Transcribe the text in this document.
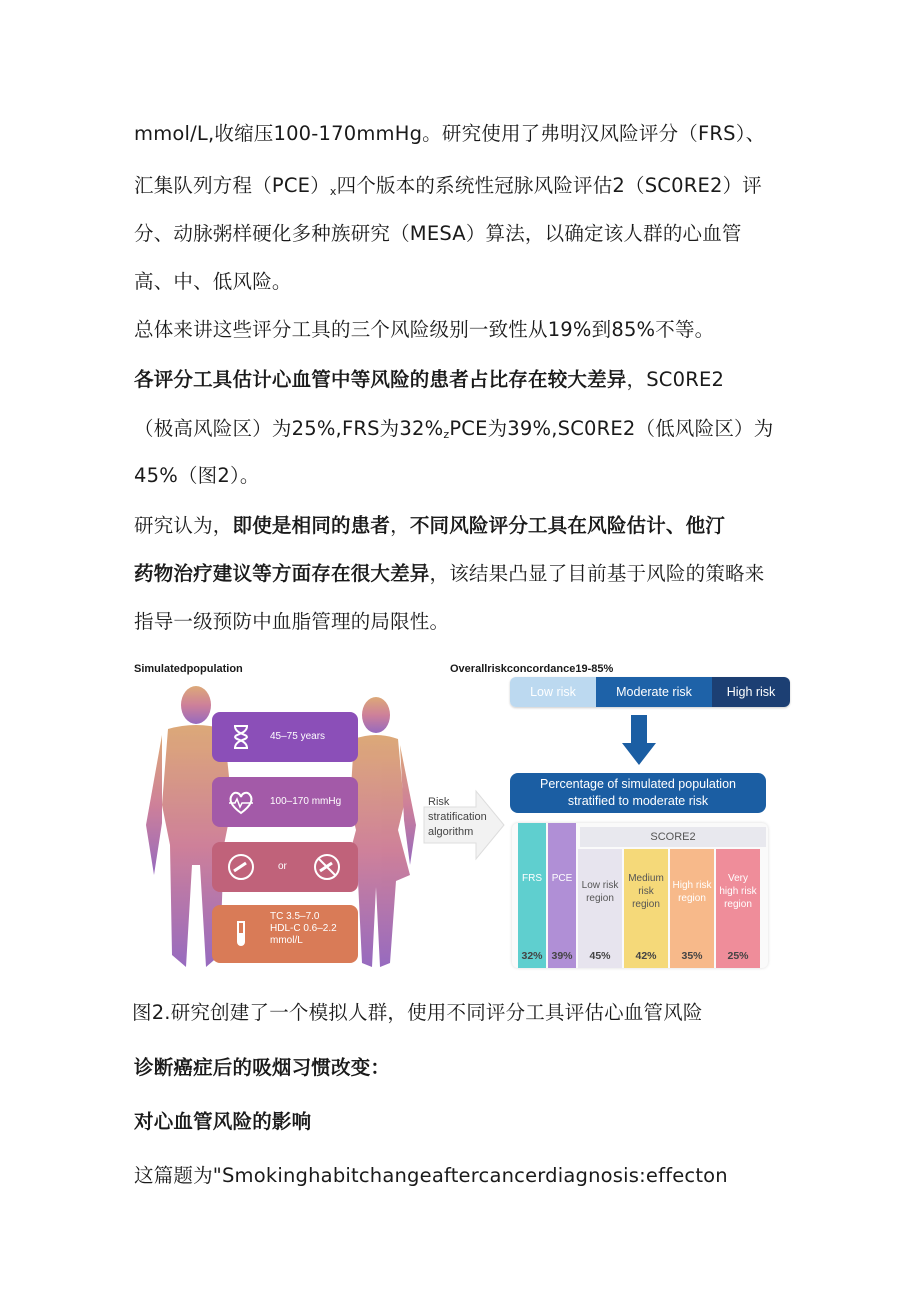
mmol/L,收缩压100-170mmHg。研究使用了弗明汉风险评分（FRS）、

汇集队列方程$(PCE)_x$四个版本的系统性冠脉风险评估2（SC0RE2）评

分、动脉粥样硬化多种族研究（MESA）算法，以确定该人群的心血管

高、中、低风险。

总体来讲这些评分工具的三个风险级别一致性从19%到85%不等。

各评分工具估计心血管中等风险的患者占比存在较大差异，SC0RE2

（极高风险区）为25%,FRS为$32\%_zPCE$为39%,SC0RE2（低风险区）为

45%（图2）。

研究认为，即使是相同的患者，不同风险评分工具在风险估计、他汀

药物治疗建议等方面存在很大差异，该结果凸显了目前基于风险的策略来

指导一级预防中血脂管理的局限性。

Simulatedpopulation	Overallriskconcordance19-85%
45–75 years
100–170 mmHg
or
TC 3.5–7.0
HDL-C 0.6–2.2
mmol/L
Risk
stratification
algorithm
Low risk	Moderate risk	High risk
Percentage of simulated population
stratified to moderate risk
SCORE2
FRS
32%
PCE
39%
Low risk region
45%
Medium risk region
42%
High risk region
35%
Very high risk region
25%

图2.研究创建了一个模拟人群，使用不同评分工具评估心血管风险

诊断癌症后的吸烟习惯改变：

对心血管风险的影响

这篇题为"Smokinghabitchangeaftercancerdiagnosis:effecton
